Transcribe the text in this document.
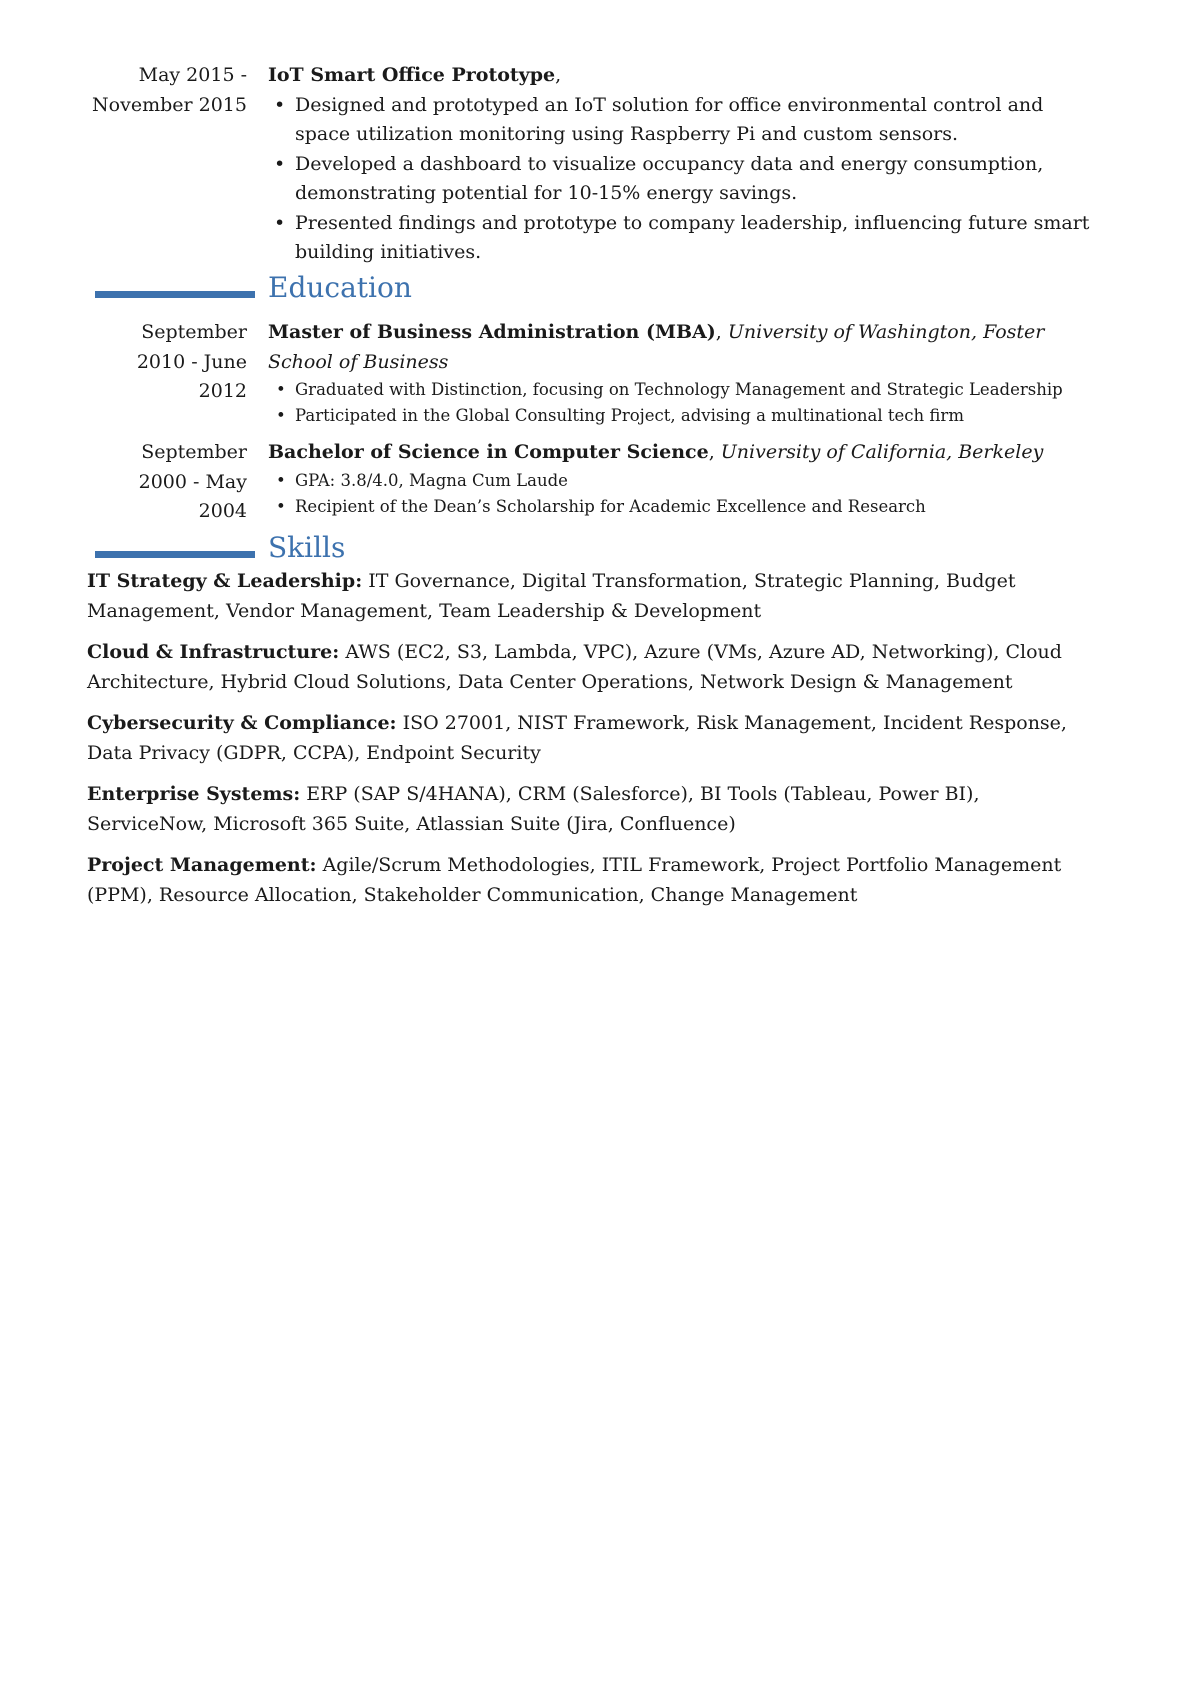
May 2015 -
November 2015
IoT Smart Office Prototype,
• Designed and prototyped an IoT solution for office environmental control and space utilization monitoring using Raspberry Pi and custom sensors.
• Developed a dashboard to visualize occupancy data and energy consumption, demonstrating potential for 10-15% energy savings.
• Presented findings and prototype to company leadership, influencing future smart building initiatives.
Education
September
2010 - June
2012
Master of Business Administration (MBA), University of Washington, Foster School of Business
• Graduated with Distinction, focusing on Technology Management and Strategic Leadership
• Participated in the Global Consulting Project, advising a multinational tech firm
September
2000 - May
2004
Bachelor of Science in Computer Science, University of California, Berkeley
• GPA: 3.8/4.0, Magna Cum Laude
• Recipient of the Dean’s Scholarship for Academic Excellence and Research
Skills
IT Strategy & Leadership: IT Governance, Digital Transformation, Strategic Planning, Budget Management, Vendor Management, Team Leadership & Development
Cloud & Infrastructure: AWS (EC2, S3, Lambda, VPC), Azure (VMs, Azure AD, Networking), Cloud Architecture, Hybrid Cloud Solutions, Data Center Operations, Network Design & Management
Cybersecurity & Compliance: ISO 27001, NIST Framework, Risk Management, Incident Response, Data Privacy (GDPR, CCPA), Endpoint Security
Enterprise Systems: ERP (SAP S/4HANA), CRM (Salesforce), BI Tools (Tableau, Power BI), ServiceNow, Microsoft 365 Suite, Atlassian Suite (Jira, Confluence)
Project Management: Agile/Scrum Methodologies, ITIL Framework, Project Portfolio Management (PPM), Resource Allocation, Stakeholder Communication, Change Management
